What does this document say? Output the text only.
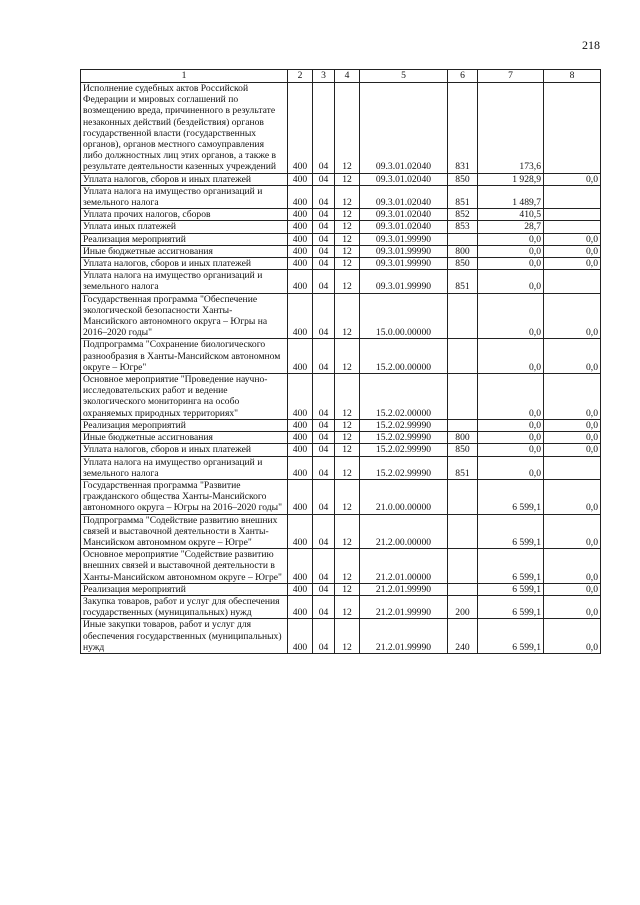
218
1	2	3	4	5	6	7	8
Исполнение судебных актов Российской Федерации и мировых соглашений по возмещению вреда, причиненного в результате незаконных действий (бездействия) органов государственной власти (государственных органов), органов местного самоуправления либо должностных лиц этих органов, а также в результате деятельности казенных учреждений	400	04	12	09.3.01.02040	831	173,6	
Уплата налогов, сборов и иных платежей	400	04	12	09.3.01.02040	850	1 928,9	0,0
Уплата налога на имущество организаций и земельного налога	400	04	12	09.3.01.02040	851	1 489,7	
Уплата прочих налогов, сборов	400	04	12	09.3.01.02040	852	410,5	
Уплата иных платежей	400	04	12	09.3.01.02040	853	28,7	
Реализация мероприятий	400	04	12	09.3.01.99990		0,0	0,0
Иные бюджетные ассигнования	400	04	12	09.3.01.99990	800	0,0	0,0
Уплата налогов, сборов и иных платежей	400	04	12	09.3.01.99990	850	0,0	0,0
Уплата налога на имущество организаций и земельного налога	400	04	12	09.3.01.99990	851	0,0	
Государственная программа "Обеспечение экологической безопасности Ханты-Мансийского автономного округа – Югры на 2016–2020 годы"	400	04	12	15.0.00.00000		0,0	0,0
Подпрограмма "Сохранение биологического разнообразия в Ханты-Мансийском автономном округе – Югре"	400	04	12	15.2.00.00000		0,0	0,0
Основное мероприятие "Проведение научно-исследовательских работ и ведение экологического мониторинга на особо охраняемых природных территориях"	400	04	12	15.2.02.00000		0,0	0,0
Реализация мероприятий	400	04	12	15.2.02.99990		0,0	0,0
Иные бюджетные ассигнования	400	04	12	15.2.02.99990	800	0,0	0,0
Уплата налогов, сборов и иных платежей	400	04	12	15.2.02.99990	850	0,0	0,0
Уплата налога на имущество организаций и земельного налога	400	04	12	15.2.02.99990	851	0,0	
Государственная программа "Развитие гражданского общества Ханты-Мансийского автономного округа – Югры на 2016–2020 годы"	400	04	12	21.0.00.00000		6 599,1	0,0
Подпрограмма "Содействие развитию внешних связей и выставочной деятельности в Ханты-Мансийском автономном округе – Югре"	400	04	12	21.2.00.00000		6 599,1	0,0
Основное мероприятие "Содействие развитию внешних связей и выставочной деятельности в Ханты-Мансийском автономном округе – Югре"	400	04	12	21.2.01.00000		6 599,1	0,0
Реализация мероприятий	400	04	12	21.2.01.99990		6 599,1	0,0
Закупка товаров, работ и услуг для обеспечения государственных (муниципальных) нужд	400	04	12	21.2.01.99990	200	6 599,1	0,0
Иные закупки товаров, работ и услуг для обеспечения государственных (муниципальных) нужд	400	04	12	21.2.01.99990	240	6 599,1	0,0
